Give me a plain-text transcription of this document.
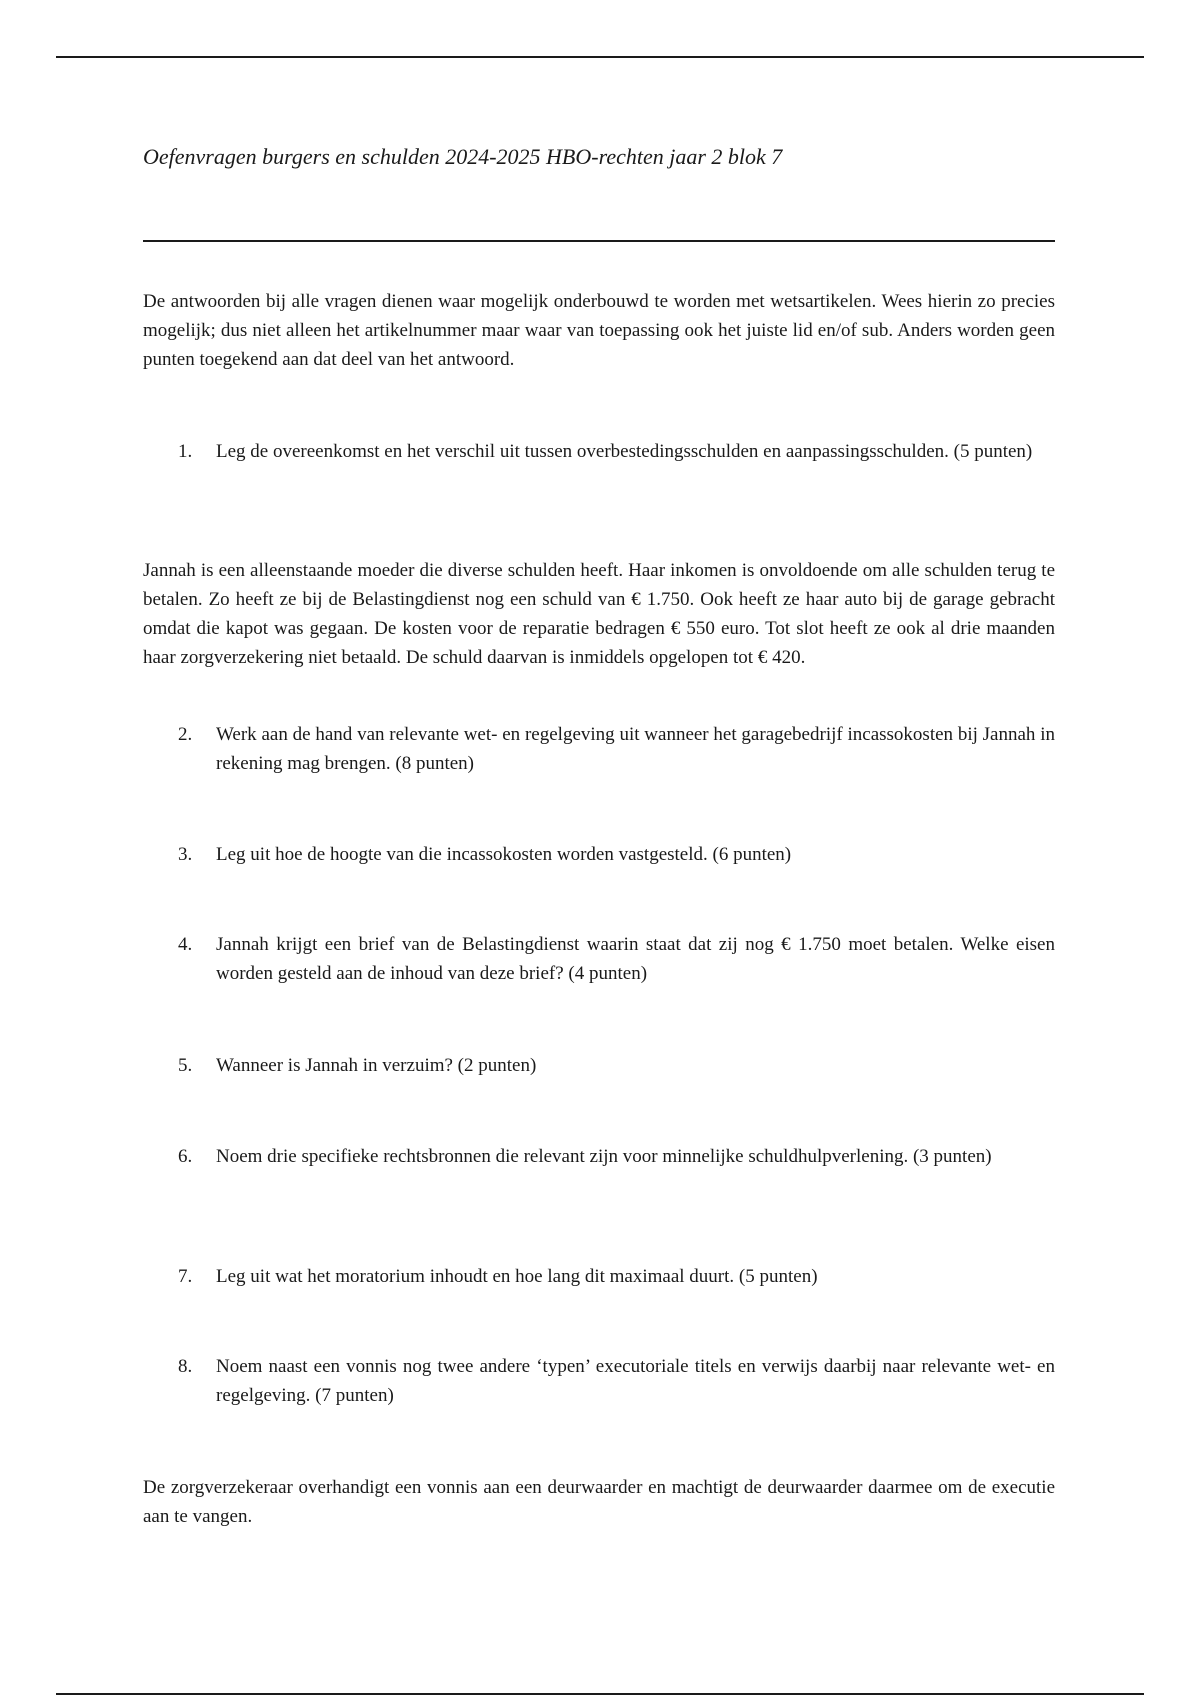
Oefenvragen burgers en schulden 2024-2025 HBO-rechten jaar 2 blok 7

De antwoorden bij alle vragen dienen waar mogelijk onderbouwd te worden met wetsartikelen. Wees hierin zo precies mogelijk; dus niet alleen het artikelnummer maar waar van toepassing ook het juiste lid en/of sub. Anders worden geen punten toegekend aan dat deel van het antwoord.

1.	Leg de overeenkomst en het verschil uit tussen overbestedingsschulden en aanpassingsschulden. (5 punten)

Jannah is een alleenstaande moeder die diverse schulden heeft. Haar inkomen is onvoldoende om alle schulden terug te betalen. Zo heeft ze bij de Belastingdienst nog een schuld van € 1.750. Ook heeft ze haar auto bij de garage gebracht omdat die kapot was gegaan. De kosten voor de reparatie bedragen € 550 euro. Tot slot heeft ze ook al drie maanden haar zorgverzekering niet betaald. De schuld daarvan is inmiddels opgelopen tot € 420.

2.	Werk aan de hand van relevante wet- en regelgeving uit wanneer het garagebedrijf incassokosten bij Jannah in rekening mag brengen. (8 punten)
3.	Leg uit hoe de hoogte van die incassokosten worden vastgesteld. (6 punten)
4.	Jannah krijgt een brief van de Belastingdienst waarin staat dat zij nog € 1.750 moet betalen. Welke eisen worden gesteld aan de inhoud van deze brief? (4 punten)
5.	Wanneer is Jannah in verzuim? (2 punten)
6.	Noem drie specifieke rechtsbronnen die relevant zijn voor minnelijke schuldhulpverlening. (3 punten)
7.	Leg uit wat het moratorium inhoudt en hoe lang dit maximaal duurt. (5 punten)
8.	Noem naast een vonnis nog twee andere ‘typen’ executoriale titels en verwijs daarbij naar relevante wet- en regelgeving. (7 punten)

De zorgverzekeraar overhandigt een vonnis aan een deurwaarder en machtigt de deurwaarder daarmee om de executie aan te vangen.
